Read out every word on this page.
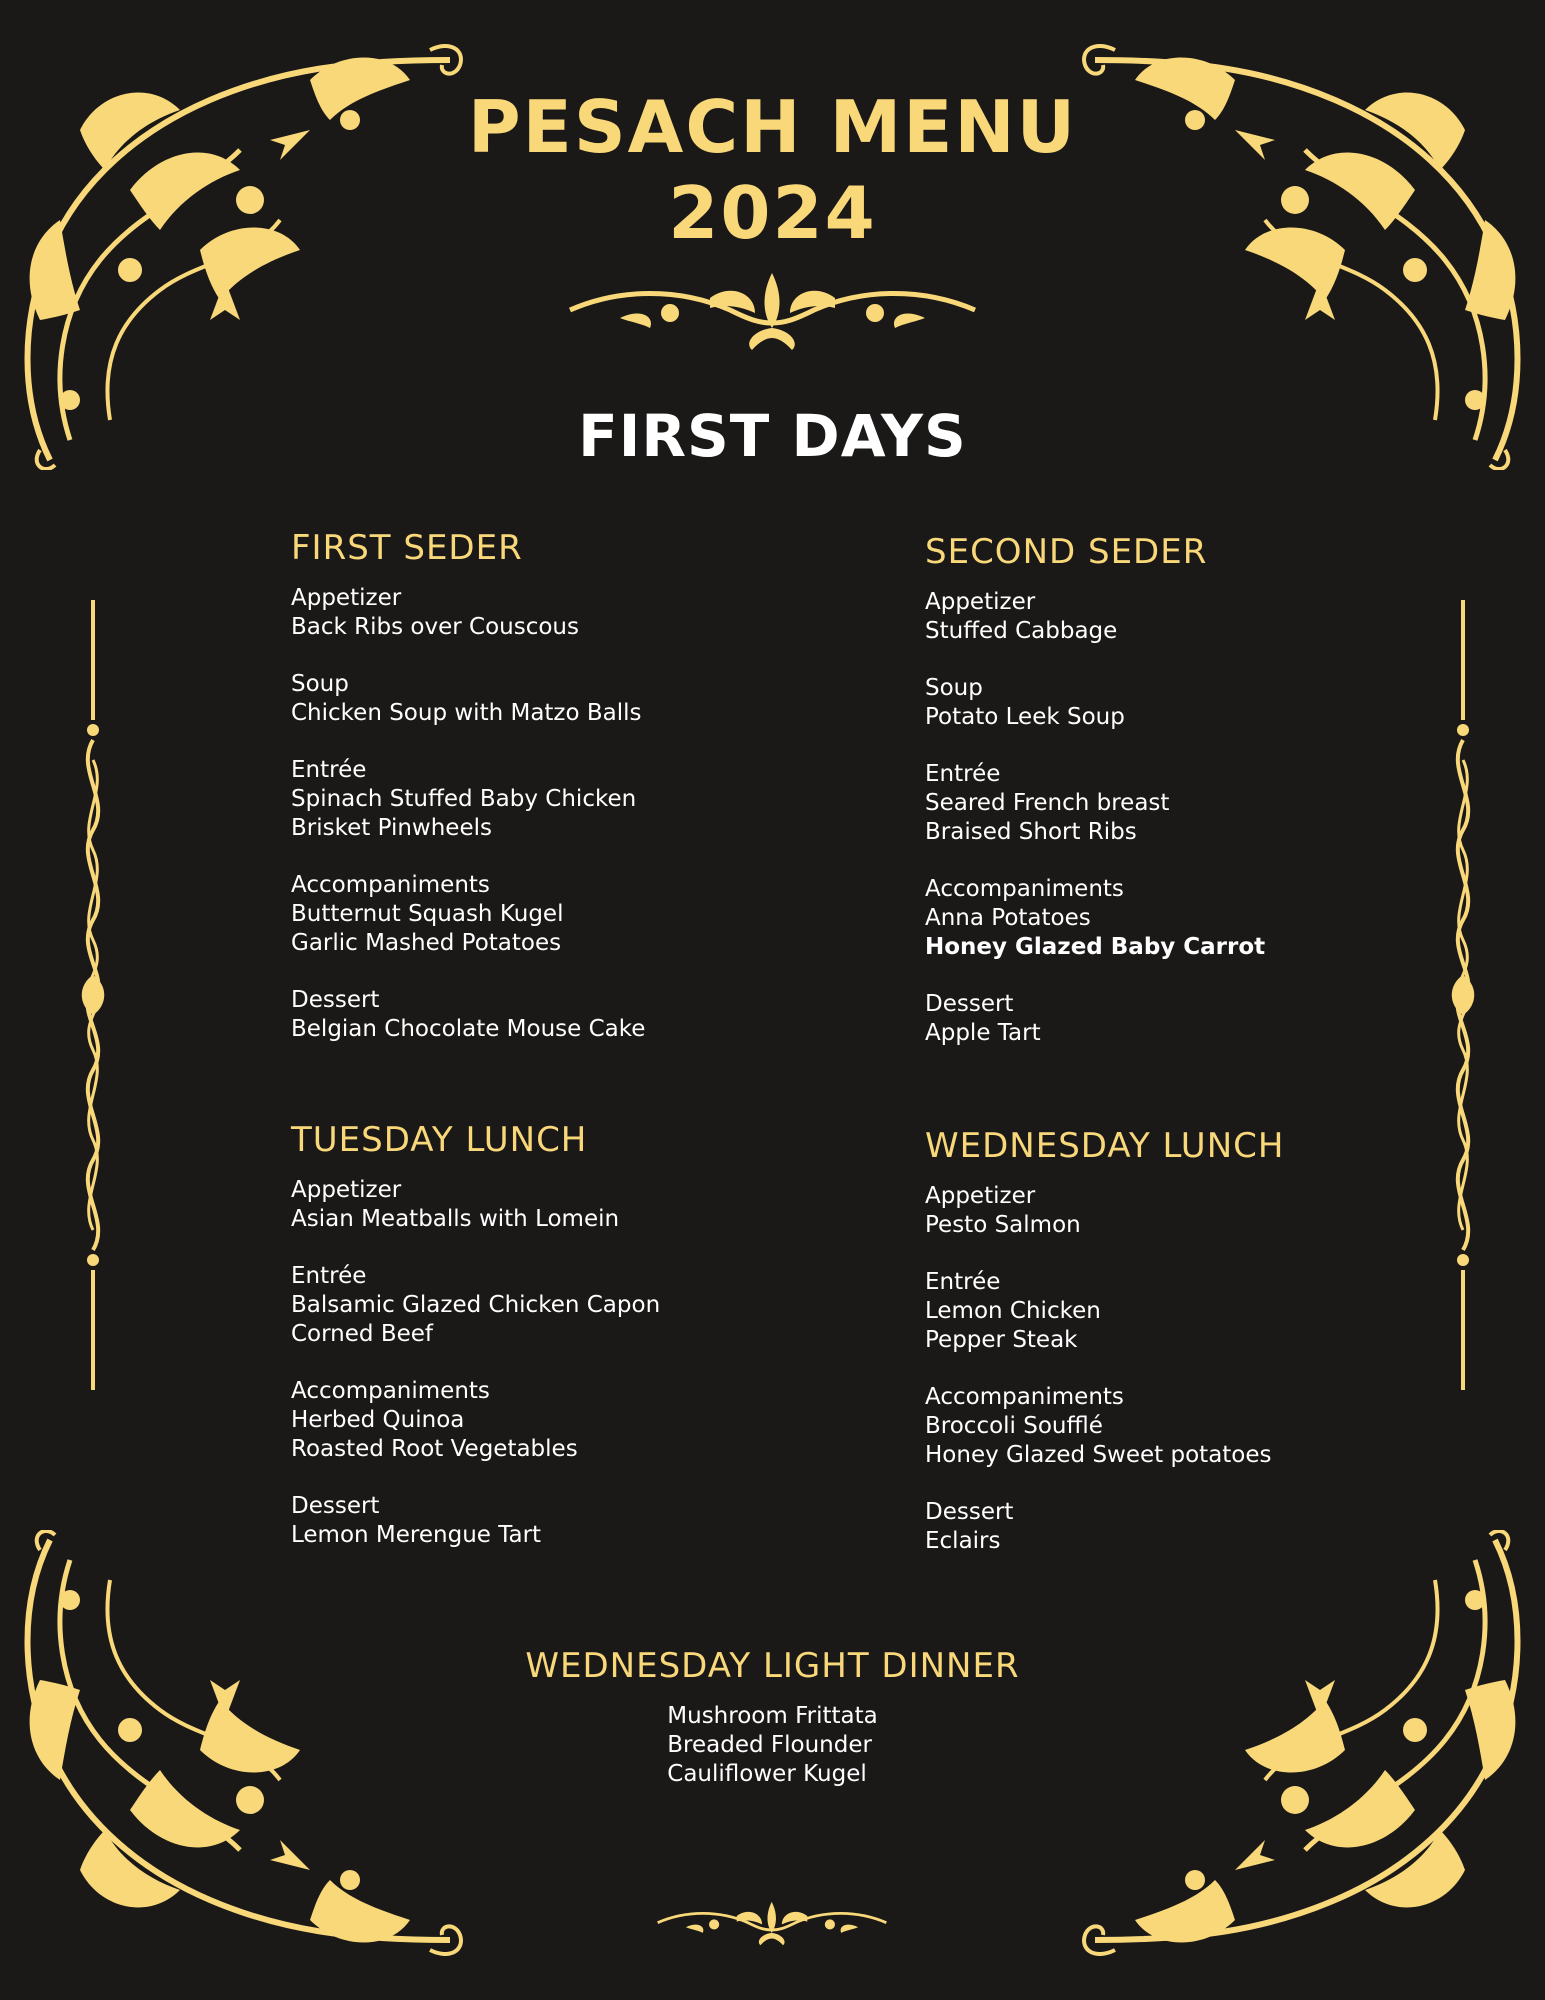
PESACH MENU
2024
FIRST DAYS
FIRST SEDER
Appetizer
Back Ribs over Couscous
Soup
Chicken Soup with Matzo Balls
Entrée
Spinach Stuffed Baby Chicken
Brisket Pinwheels
Accompaniments
Butternut Squash Kugel
Garlic Mashed Potatoes
Dessert
Belgian Chocolate Mouse Cake
SECOND SEDER
Appetizer
Stuffed Cabbage
Soup
Potato Leek Soup
Entrée
Seared French breast
Braised Short Ribs
Accompaniments
Anna Potatoes
Honey Glazed Baby Carrot
Dessert
Apple Tart
TUESDAY LUNCH
Appetizer
Asian Meatballs with Lomein
Entrée
Balsamic Glazed Chicken Capon
Corned Beef
Accompaniments
Herbed Quinoa
Roasted Root Vegetables
Dessert
Lemon Merengue Tart
WEDNESDAY LUNCH
Appetizer
Pesto Salmon
Entrée
Lemon Chicken
Pepper Steak
Accompaniments
Broccoli Soufflé
Honey Glazed Sweet potatoes
Dessert
Eclairs
WEDNESDAY LIGHT DINNER
Mushroom Frittata
Breaded Flounder
Cauliflower Kugel
